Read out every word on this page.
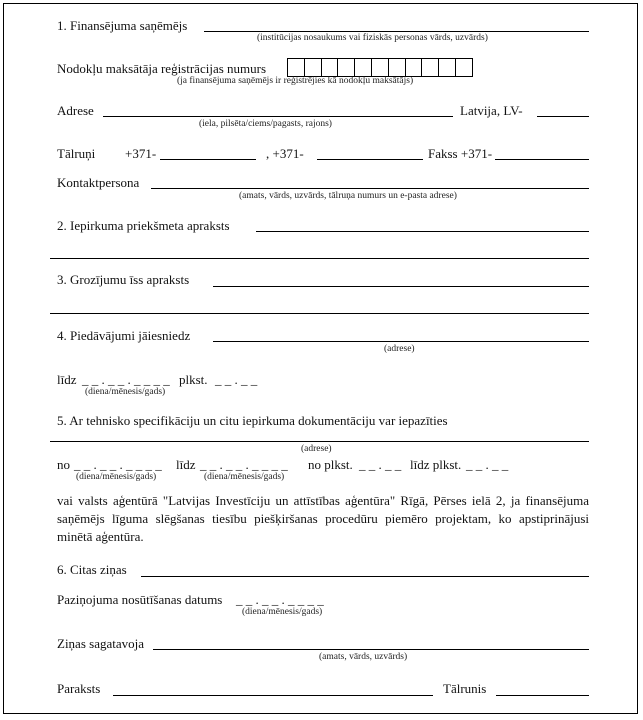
1. Finansējuma saņēmējs
(institūcijas nosaukums vai fiziskās personas vārds, uzvārds)
Nodokļu maksātāja reģistrācijas numurs
(ja finansējuma saņēmējs ir reģistrējies kā nodokļu maksātājs)
Adrese
(iela, pilsēta/ciems/pagasts, rajons)
Latvija, LV-
Tālruņi +371-	, +371-	Fakss +371-
Kontaktpersona
(amats, vārds, uzvārds, tālruņa numurs un e-pasta adrese)
2. Iepirkuma priekšmeta apraksts
3. Grozījumu īss apraksts
4. Piedāvājumi jāiesniedz
(adrese)
līdz _ _ . _ _ . _ _ _ _
(diena/mēnesis/gads)
plkst. _ _ . _ _
5. Ar tehnisko specifikāciju un citu iepirkuma dokumentāciju var iepazīties
(adrese)
no _ _ . _ _ . _ _ _ _
(diena/mēnesis/gads)
līdz _ _ . _ _ . _ _ _ _
(diena/mēnesis/gads)
no plkst. _ _ . _ _ līdz plkst. _ _ . _ _
vai valsts aģentūrā "Latvijas Investīciju un attīstības aģentūra" Rīgā, Pērses ielā 2, ja finansējuma saņēmējs līguma slēgšanas tiesību piešķiršanas procedūru piemēro projektam, ko apstiprinājusi minētā aģentūra.
6. Citas ziņas
Paziņojuma nosūtīšanas datums _ _ . _ _ . _ _ _ _
(diena/mēnesis/gads)
Ziņas sagatavoja
(amats, vārds, uzvārds)
Paraksts	Tālrunis
